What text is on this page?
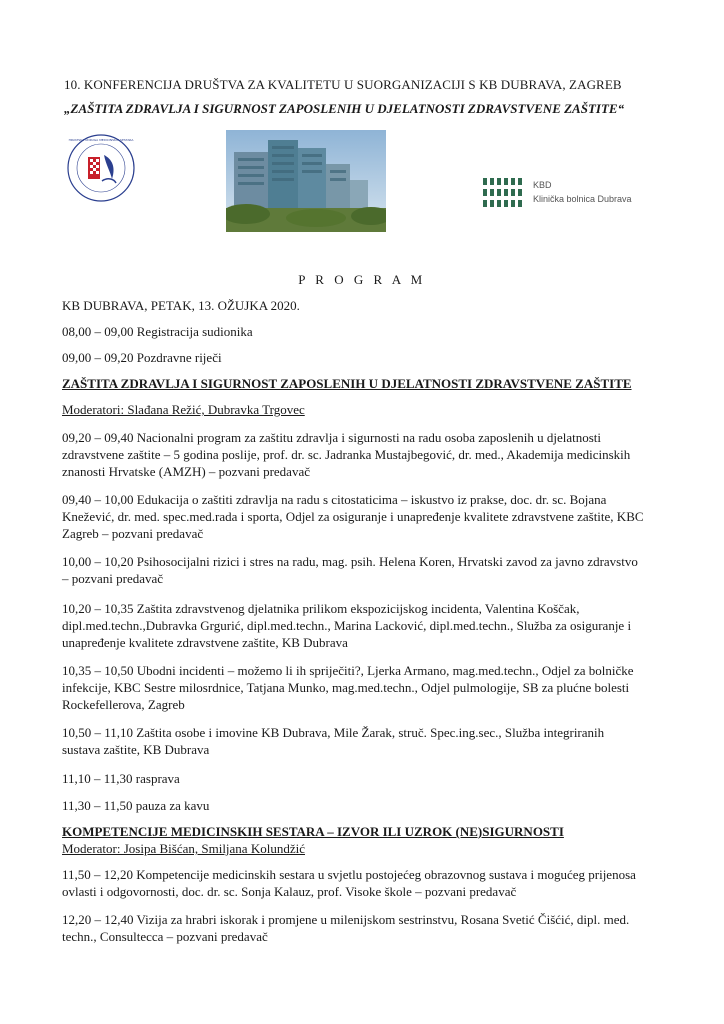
10. KONFERENCIJA DRUŠTVA ZA KVALITETU U SUORGANIZACIJI S KB DUBRAVA, ZAGREB
„ZAŠTITA ZDRAVLJA I SIGURNOST ZAPOSLENIH U DJELATNOSTI ZDRAVSTVENE ZAŠTITE“
HRVATSKA UDRUGA MEDICINSKIH SESTARA
KBD
Klinička bolnica Dubrava
P R O G R A M
KB DUBRAVA, PETAK, 13. OŽUJKA 2020.
08,00 – 09,00 Registracija sudionika
09,00 – 09,20 Pozdravne riječi
ZAŠTITA ZDRAVLJA I SIGURNOST ZAPOSLENIH U DJELATNOSTI ZDRAVSTVENE ZAŠTITE
Moderatori: Slađana Režić, Dubravka Trgovec

09,20 – 09,40 Nacionalni program za zaštitu zdravlja i sigurnosti na radu osoba zaposlenih u djelatnosti

zdravstvene zaštite – 5 godina poslije, prof. dr. sc. Jadranka Mustajbegović, dr. med., Akademija medicinskih

znanosti Hrvatske (AMZH) – pozvani predavač

09,40 – 10,00 Edukacija o zaštiti zdravlja na radu s citostaticima – iskustvo iz prakse, doc. dr. sc. Bojana

Knežević, dr. med. spec.med.rada i sporta, Odjel za osiguranje i unapređenje kvalitete zdravstvene zaštite, KBC

Zagreb – pozvani predavač

10,00 – 10,20 Psihosocijalni rizici i stres na radu, mag. psih. Helena Koren, Hrvatski zavod za javno zdravstvo

– pozvani predavač

10,20 – 10,35 Zaštita zdravstvenog djelatnika prilikom ekspozicijskog incidenta, Valentina Koščak,

dipl.med.techn.,Dubravka Grgurić, dipl.med.techn., Marina Lacković, dipl.med.techn., Služba za osiguranje i

unapređenje kvalitete zdravstvene zaštite, KB Dubrava

10,35 – 10,50 Ubodni incidenti – možemo li ih spriječiti?, Ljerka Armano, mag.med.techn., Odjel za bolničke

infekcije, KBC Sestre milosrdnice, Tatjana Munko, mag.med.techn., Odjel pulmologije, SB za plućne bolesti

Rockefellerova, Zagreb

10,50 – 11,10 Zaštita osobe i imovine KB Dubrava, Mile Žarak, struč. Spec.ing.sec., Služba integriranih

sustava zaštite, KB Dubrava

11,10 – 11,30 rasprava
11,30 – 11,50 pauza za kavu
KOMPETENCIJE MEDICINSKIH SESTARA – IZVOR ILI UZROK (NE)SIGURNOSTI
Moderator: Josipa Bišćan, Smiljana Kolundžić

11,50 – 12,20 Kompetencije medicinskih sestara u svjetlu postojećeg obrazovnog sustava i mogućeg prijenosa

ovlasti i odgovornosti, doc. dr. sc. Sonja Kalauz, prof. Visoke škole – pozvani predavač

12,20 – 12,40 Vizija za hrabri iskorak i promjene u milenijskom sestrinstvu, Rosana Svetić Čišćić, dipl. med.

techn., Consultecca – pozvani predavač
